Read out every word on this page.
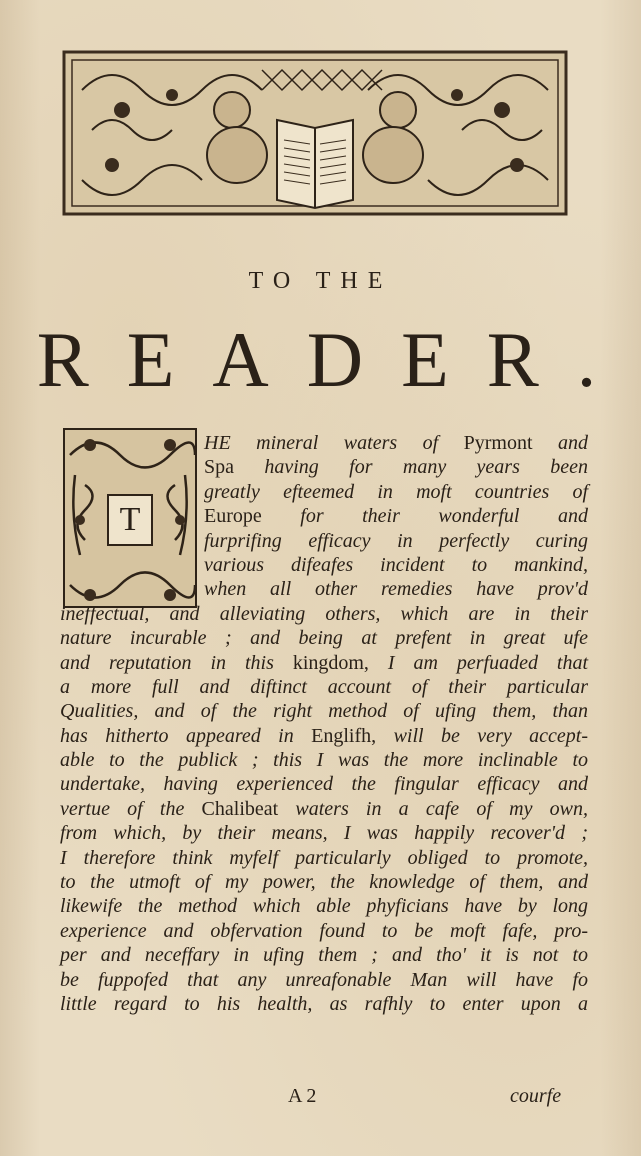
TO THE
READER.
T
HE mineral waters of Pyrmont and
Spa having for many years been
greatly efteemed in moft countries of
Europe for their wonderful and
furprifing efficacy in perfectly curing
various difeafes incident to mankind,
when all other remedies have prov'd
ineffectual, and alleviating others, which are in their
nature incurable ; and being at prefent in great ufe
and reputation in this kingdom, I am perfuaded that
a more full and diftinct account of their particular
Qualities, and of the right method of ufing them, than
has hitherto appeared in Englifh, will be very accept-
able to the publick ; this I was the more inclinable to
undertake, having experienced the fingular efficacy and
vertue of the Chalibeat waters in a cafe of my own,
from which, by their means, I was happily recover'd ;
I therefore think myfelf particularly obliged to promote,
to the utmoft of my power, the knowledge of them, and
likewife the method which able phyficians have by long
experience and obfervation found to be moft fafe, pro-
per and neceffary in ufing them ; and tho' it is not to
be fuppofed that any unreafonable Man will have fo
little regard to his health, as rafhly to enter upon a
A 2	courfe
